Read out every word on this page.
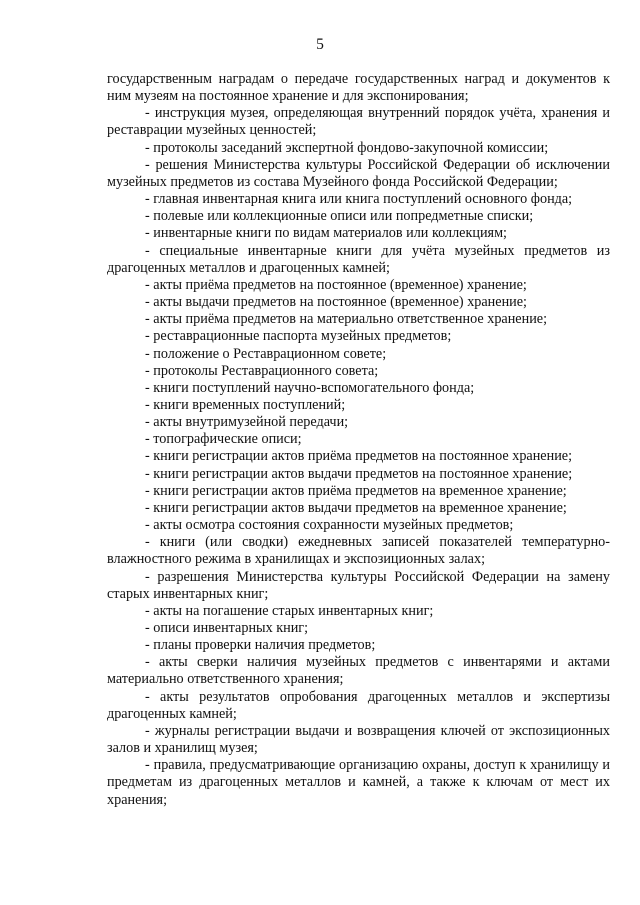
5

государственным наградам о передаче государственных наград и документов к ним музеям на постоянное хранение и для экспонирования;

- инструкция музея, определяющая внутренний порядок учёта, хранения и реставрации музейных ценностей;

- протоколы заседаний экспертной фондово-закупочной комиссии;

- решения Министерства культуры Российской Федерации об исключении музейных предметов из состава Музейного фонда Российской Федерации;

- главная инвентарная книга или книга поступлений основного фонда;

- полевые или коллекционные описи или попредметные списки;

- инвентарные книги по видам материалов или коллекциям;

- специальные инвентарные книги для учёта музейных предметов из драгоценных металлов и драгоценных камней;

- акты приёма предметов на постоянное (временное) хранение;

- акты выдачи предметов на постоянное (временное) хранение;

- акты приёма предметов на материально ответственное хранение;

- реставрационные паспорта музейных предметов;

- положение о Реставрационном совете;

- протоколы Реставрационного совета;

- книги поступлений научно-вспомогательного фонда;

- книги временных поступлений;

- акты внутримузейной передачи;

- топографические описи;

- книги регистрации актов приёма предметов на постоянное хранение;

- книги регистрации актов выдачи предметов на постоянное хранение;

- книги регистрации актов приёма предметов на временное хранение;

- книги регистрации актов выдачи предметов на временное хранение;

- акты осмотра состояния сохранности музейных предметов;

- книги (или сводки) ежедневных записей показателей температурно-влажностного режима в хранилищах и экспозиционных залах;

- разрешения Министерства культуры Российской Федерации на замену старых инвентарных книг;

- акты на погашение старых инвентарных книг;

- описи инвентарных книг;

- планы проверки наличия предметов;

- акты сверки наличия музейных предметов с инвентарями и актами материально ответственного хранения;

- акты результатов опробования драгоценных металлов и экспертизы драгоценных камней;

- журналы регистрации выдачи и возвращения ключей от экспозиционных залов и хранилищ музея;

- правила, предусматривающие организацию охраны, доступ к хранилищу и предметам из драгоценных металлов и камней, а также к ключам от мест их хранения;
